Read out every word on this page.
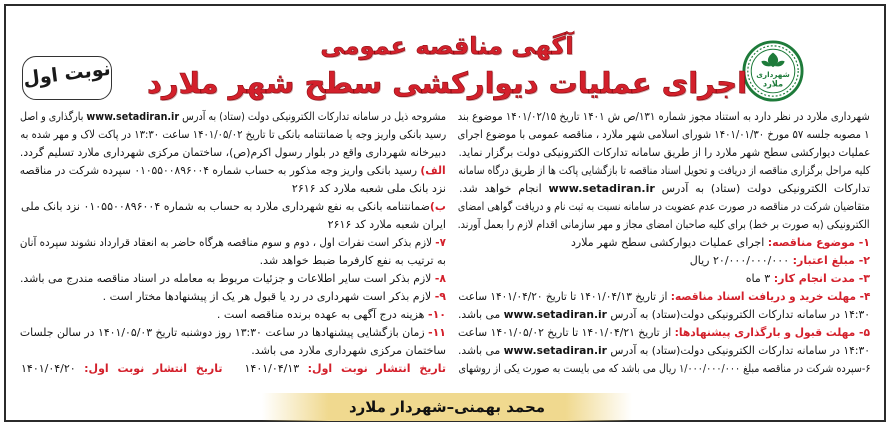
شهرداری
ملارد
نوبت اول
آگهی مناقصه عمومی
اجرای عملیات دیوارکشی سطح شهر ملارد
شهرداری ملارد در نظر دارد به استناد مجوز شماره ۱۳۱/ص ش ۱۴۰۱ تاریخ ۱۴۰۱/۰۲/۱۵ موضوع بند
۱ مصوبه جلسه ۵۷ مورخ ۱۴۰۱/۰۱/۳۰ شورای اسلامی شهر ملارد ، مناقصه عمومی با موضوع اجرای
عملیات دیوارکشی سطح شهر ملارد را از طریق سامانه تدارکات الکترونیکی دولت برگزار نماید.
کلیه مراحل برگزاری مناقصه از دریافت و تحویل اسناد مناقصه تا بازگشایی پاکت ها از طریق درگاه سامانه
تدارکات الکترونیکی دولت (ستاد) به آدرس www.setadiran.ir انجام خواهد شد.
متقاضیان شرکت در مناقصه در صورت عدم عضویت در سامانه نسبت به ثبت نام و دریافت گواهی امضای
الکترونیکی (به صورت بر خط) برای کلیه صاحبان امضای مجاز و مهر سازمانی اقدام لازم را بعمل آورند.
۱- موضوع مناقصه: اجرای عملیات دیوارکشی سطح شهر ملارد
۲- مبلغ اعتبار: ۲۰/۰۰۰/۰۰۰/۰۰۰ ریال
۳- مدت انجام کار: ۳ ماه
۴- مهلت خرید و دریافت اسناد مناقصه: از تاریخ ۱۴۰۱/۰۴/۱۳ تا تاریخ ۱۴۰۱/۰۴/۲۰ ساعت
۱۴:۳۰ در سامانه تدارکات الکترونیکی دولت(ستاد) به آدرس www.setadiran.ir می باشد.
۵- مهلت قبول و بارگذاری پیشنهادها: از تاریخ ۱۴۰۱/۰۴/۲۱ تا تاریخ ۱۴۰۱/۰۵/۰۲ ساعت
۱۴:۳۰ در سامانه تدارکات الکترونیکی دولت(ستاد) به آدرس www.setadiran.ir می باشد.
۶-سپرده شرکت در مناقصه مبلغ ۱/۰۰۰/۰۰۰/۰۰۰ ریال می باشد که می بایست به صورت یکی از روشهای
مشروحه ذیل در سامانه تدارکات الکترونیکی دولت (ستاد) به آدرس www.setadiran.ir بارگذاری و اصل
رسید بانکی واریز وجه یا ضمانتنامه بانکی تا تاریخ ۱۴۰۱/۰۵/۰۲ ساعت ۱۳:۳۰ در پاکت لاک و مهر شده به
دبیرخانه شهرداری واقع در بلوار رسول اکرم(ص)، ساختمان مرکزی شهرداری ملارد تسلیم گردد.
الف) رسید بانکی واریز وجه مذکور به حساب شماره ۰۱۰۵۵۰۰۸۹۶۰۰۴ سپرده شرکت در مناقصه
نزد بانک ملی شعبه ملارد کد ۲۶۱۶
ب)ضمانتنامه بانکی به نفع شهرداری ملارد به حساب به شماره ۰۱۰۵۵۰۰۸۹۶۰۰۴ نزد بانک ملی
ایران شعبه ملارد کد ۲۶۱۶
۷- لازم بذکر است نفرات اول ، دوم و سوم مناقصه هرگاه حاضر به انعقاد قرارداد نشوند سپرده آنان
به ترتیب به نفع کارفرما ضبط خواهد شد.
۸- لازم بذکر است سایر اطلاعات و جزئیات مربوط به معامله در اسناد مناقصه مندرج می باشد.
۹- لازم بذکر است شهرداری در رد یا قبول هر یک از پیشنهادها مختار است .
۱۰- هزینه درج آگهی به عهده برنده مناقصه است .
۱۱- زمان بازگشایی پیشنهادها در ساعت ۱۳:۳۰ روز دوشنبه تاریخ ۱۴۰۱/۰۵/۰۳ در سالن جلسات
ساختمان مرکزی شهرداری ملارد می باشد.
تاریخ انتشار نوبت اول: ۱۴۰۱/۰۴/۱۳تاریخ انتشار نوبت اول: ۱۴۰۱/۰۴/۲۰
محمد بهمنی–شهردار ملارد
